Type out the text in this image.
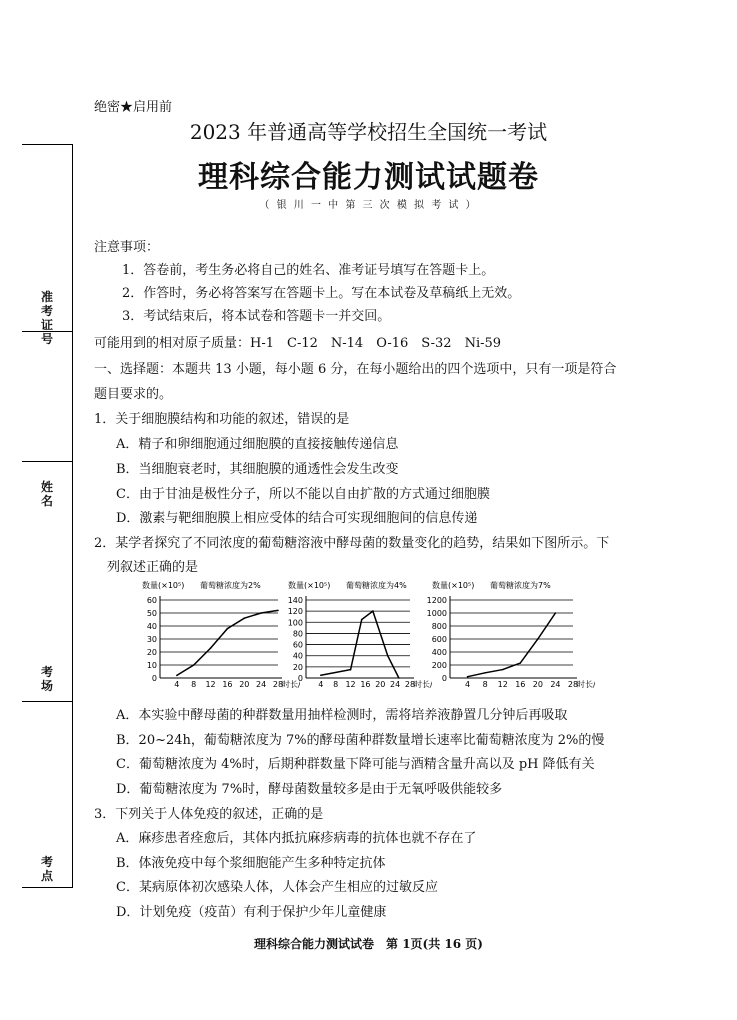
准
考
证
号
姓
名
考
场
考
点
绝密★启用前
2023 年普通高等学校招生全国统一考试
理科综合能力测试试题卷
（ 银 川 一 中 第 三 次 模 拟 考 试 ）
注意事项：
1．答卷前，考生务必将自己的姓名、准考证号填写在答题卡上。
2．作答时，务必将答案写在答题卡上。写在本试卷及草稿纸上无效。
3．考试结束后，将本试卷和答题卡一并交回。
可能用到的相对原子质量：H-1　C-12　N-14　O-16　S-32　Ni-59
一、选择题：本题共 13 小题，每小题 6 分，在每小题给出的四个选项中，只有一项是符合
题目要求的。
1．关于细胞膜结构和功能的叙述，错误的是
A．精子和卵细胞通过细胞膜的直接接触传递信息
B．当细胞衰老时，其细胞膜的通透性会发生改变
C．由于甘油是极性分子，所以不能以自由扩散的方式通过细胞膜
D．激素与靶细胞膜上相应受体的结合可实现细胞间的信息传递
2．某学者探究了不同浓度的葡萄糖溶液中酵母菌的数量变化的趋势，结果如下图所示。下
　列叙述正确的是
数量(×10⁵) 葡萄糖浓度为2%
0
10
20
30
40
50
60
4 8 12 16 20 24 28
时长
数量(×10⁵) 葡萄糖浓度为4%
0
20
40
60
80
100
120
140
4 8 12 16 20 24 28
时长
数量(×10⁵) 葡萄糖浓度为7%
0
200
400
600
800
1000
1200
4 8 12 16 20 24 28
时长
A．本实验中酵母菌的种群数量用抽样检测时，需将培养液静置几分钟后再吸取
B．20~24h，葡萄糖浓度为 7%的酵母菌种群数量增长速率比葡萄糖浓度为 2%的慢
C．葡萄糖浓度为 4%时，后期种群数量下降可能与酒精含量升高以及 pH 降低有关
D．葡萄糖浓度为 7%时，酵母菌数量较多是由于无氧呼吸供能较多
3．下列关于人体免疫的叙述，正确的是
A．麻疹患者痊愈后，其体内抵抗麻疹病毒的抗体也就不存在了
B．体液免疫中每个浆细胞能产生多种特定抗体
C．某病原体初次感染人体，人体会产生相应的过敏反应
D．计划免疫（疫苗）有利于保护少年儿童健康
理科综合能力测试试卷　第 1页(共 16 页)
